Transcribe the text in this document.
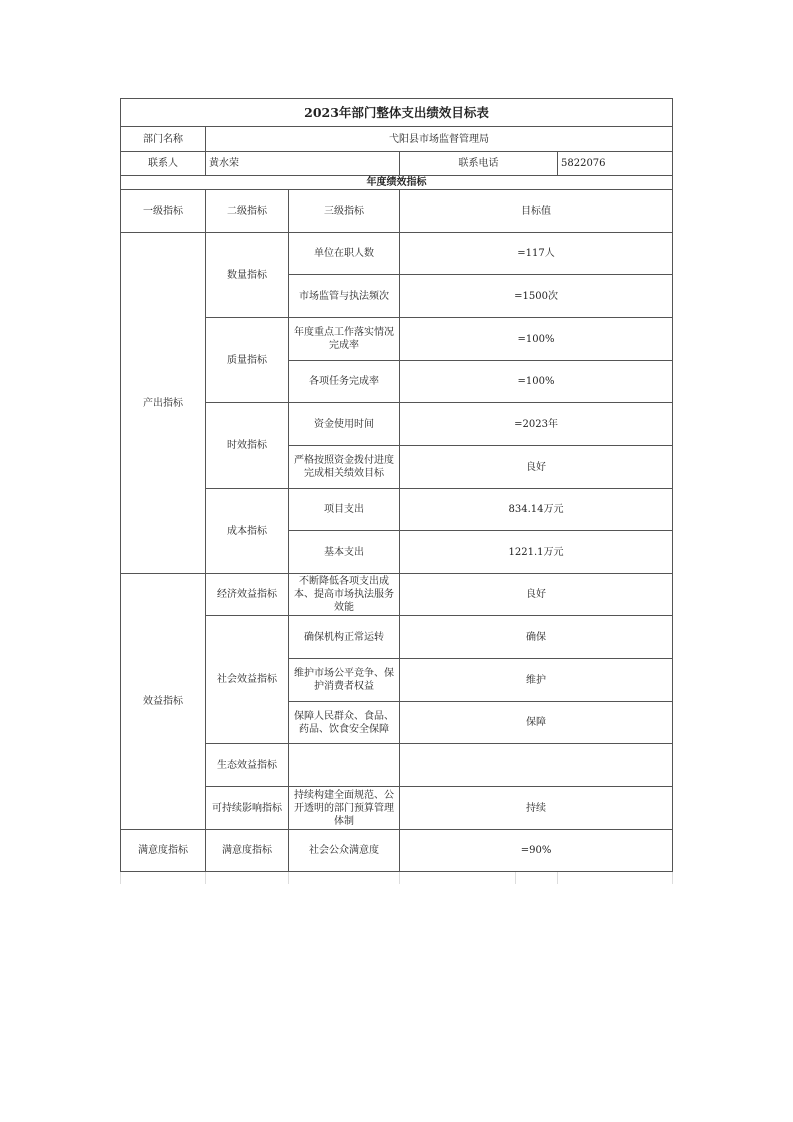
2023年部门整体支出绩效目标表					
部门名称	弋阳县市场监督管理局				
联系人	黄水荣		联系电话		5822076
年度绩效指标					
一级指标	二级指标	三级指标	目标值		
产出指标	数量指标	单位在职人数	=117人		
		市场监管与执法频次	=1500次		
	质量指标	年度重点工作落实情况完成率	=100%		
		各项任务完成率	=100%		
	时效指标	资金使用时间	=2023年		
		严格按照资金拨付进度完成相关绩效目标	良好		
	成本指标	项目支出	834.14万元		
		基本支出	1221.1万元		
效益指标	经济效益指标	不断降低各项支出成本、提高市场执法服务效能	良好		
	社会效益指标	确保机构正常运转	确保		
		维护市场公平竞争、保护消费者权益	维护		
		保障人民群众、食品、药品、饮食安全保障	保障		
	生态效益指标				
	可持续影响指标	持续构建全面规范、公开透明的部门预算管理体制	持续		
满意度指标	满意度指标	社会公众满意度	=90%		
